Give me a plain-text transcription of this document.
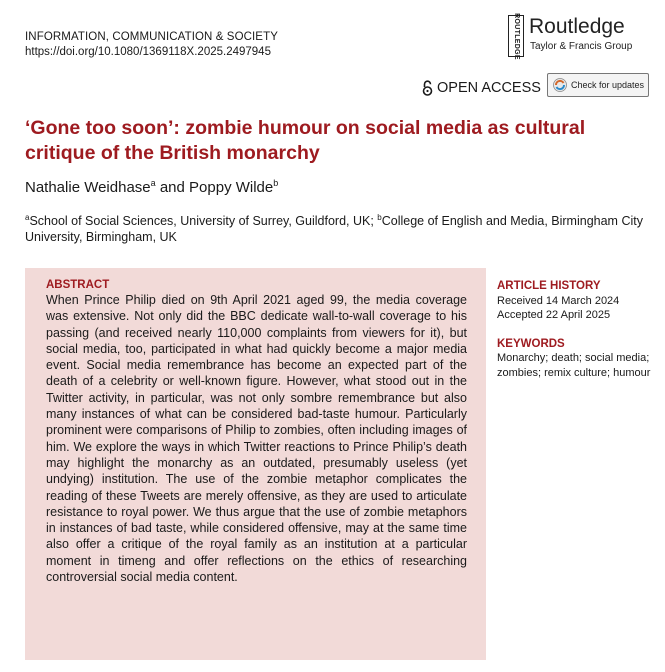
INFORMATION, COMMUNICATION & SOCIETY
https://doi.org/10.1080/1369118X.2025.2497945	ROUTLEDGE Routledge
Taylor & Francis Group
OPEN ACCESS	Check for updates
‘Gone too soon’: zombie humour on social media as cultural critique of the British monarchy
Nathalie Weidhase$^a$ and Poppy Wilde$^b$
$^a$School of Social Sciences, University of Surrey, Guildford, UK; $^b$College of English and Media, Birmingham City University, Birmingham, UK
ABSTRACT
When Prince Philip died on 9th April 2021 aged 99, the media coverage was extensive. Not only did the BBC dedicate wall-to-wall coverage to his passing (and received nearly 110,000 complaints from viewers for it), but social media, too, participated in what had quickly become a major media event. Social media remembrance has become an expected part of the death of a celebrity or well-known figure. However, what stood out in the Twitter activity, in particular, was not only sombre remembrance but also many instances of what can be considered bad-taste humour. Particularly prominent were comparisons of Philip to zombies, often including images of him. We explore the ways in which Twitter reactions to Prince Philip’s death may highlight the monarchy as an outdated, presumably useless (yet undying) institution. The use of the zombie metaphor complicates the reading of these Tweets are merely offensive, as they are used to articulate resistance to royal power. We thus argue that the use of zombie metaphors in instances of bad taste, while considered offensive, may at the same time also offer a critique of the royal family as an institution at a particular moment in timeng and offer reflections on the ethics of researching controversial social media content.
ARTICLE HISTORY
Received 14 March 2024
Accepted 22 April 2025
KEYWORDS
Monarchy; death; social media; zombies; remix culture; humour
